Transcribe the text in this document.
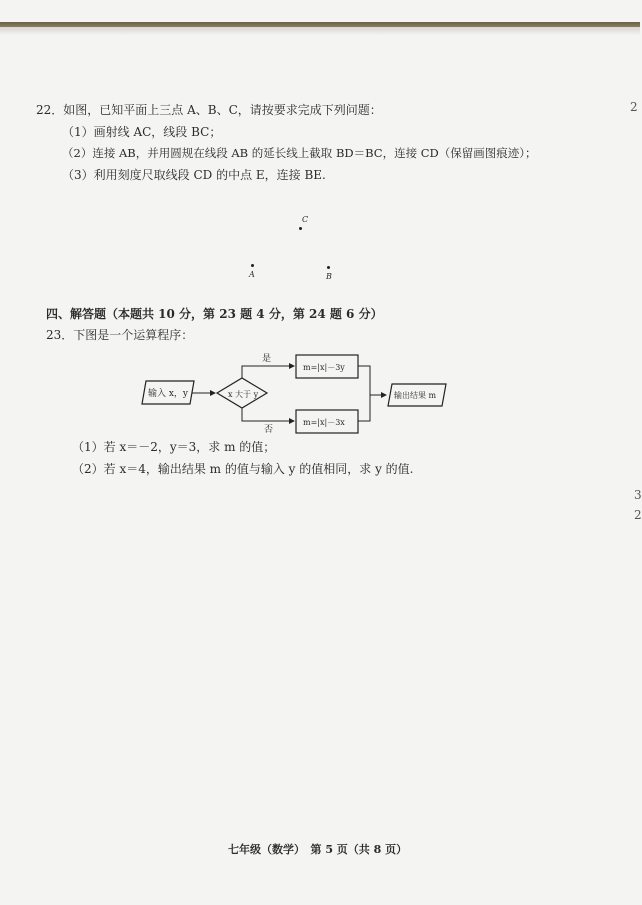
22．如图，已知平面上三点 A、B、C，请按要求完成下列问题：
（1）画射线 AC，线段 BC；
（2）连接 AB，并用圆规在线段 AB 的延长线上截取 BD＝BC，连接 CD（保留画图痕迹）；
（3）利用刻度尺取线段 CD 的中点 E，连接 BE.
2
C
A	B
四、解答题（本题共 10 分，第 23 题 4 分，第 24 题 6 分）
23．下图是一个运算程序：
输入 x，y	x 大于 y
是
否
m=|x|－3y
m=|x|－3x
输出结果 m
（1）若 x＝－2，y＝3，求 m 的值；
（2）若 x＝4，输出结果 m 的值与输入 y 的值相同，求 y 的值.
3
2
七年级（数学）　第 5 页（共 8 页）
